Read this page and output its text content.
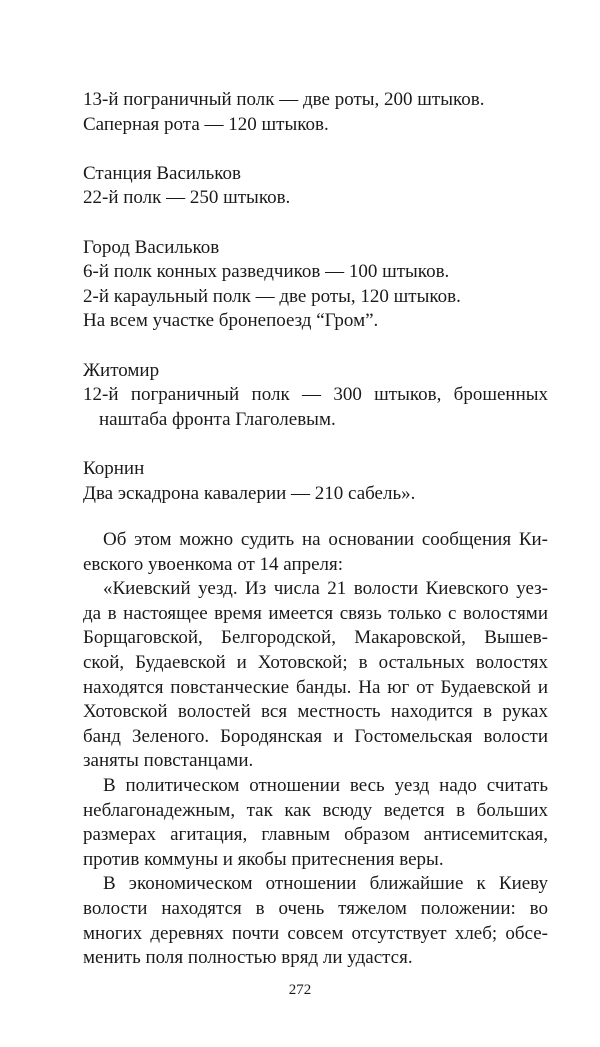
13-й пограничный полк — две роты, 200 штыков.
Саперная рота — 120 штыков.
Станция Васильков
22-й полк — 250 штыков.
Город Васильков
6-й полк конных разведчиков — 100 штыков.
2-й караульный полк — две роты, 120 штыков.
На всем участке бронепоезд “Гром”.
Житомир
12-й пограничный полк — 300 штыков, брошенных
наштаба фронта Глаголевым.
Корнин
Два эскадрона кавалерии — 210 сабель».
Об этом можно судить на основании сообщения Ки-
евского увоенкома от 14 апреля:
«Киевский уезд. Из числа 21 волости Киевского уез-
да в настоящее время имеется связь только с волостями
Борщаговской, Белгородской, Макаровской, Вышев-
ской, Будаевской и Хотовской; в остальных волостях
находятся повстанческие банды. На юг от Будаевской и
Хотовской волостей вся местность находится в руках
банд Зеленого. Бородянская и Гостомельская волости
заняты повстанцами.
В политическом отношении весь уезд надо считать
неблагонадежным, так как всюду ведется в больших
размерах агитация, главным образом антисемитская,
против коммуны и якобы притеснения веры.
В экономическом отношении ближайшие к Киеву
волости находятся в очень тяжелом положении: во
многих деревнях почти совсем отсутствует хлеб; обсе-
менить поля полностью вряд ли удастся.
272
